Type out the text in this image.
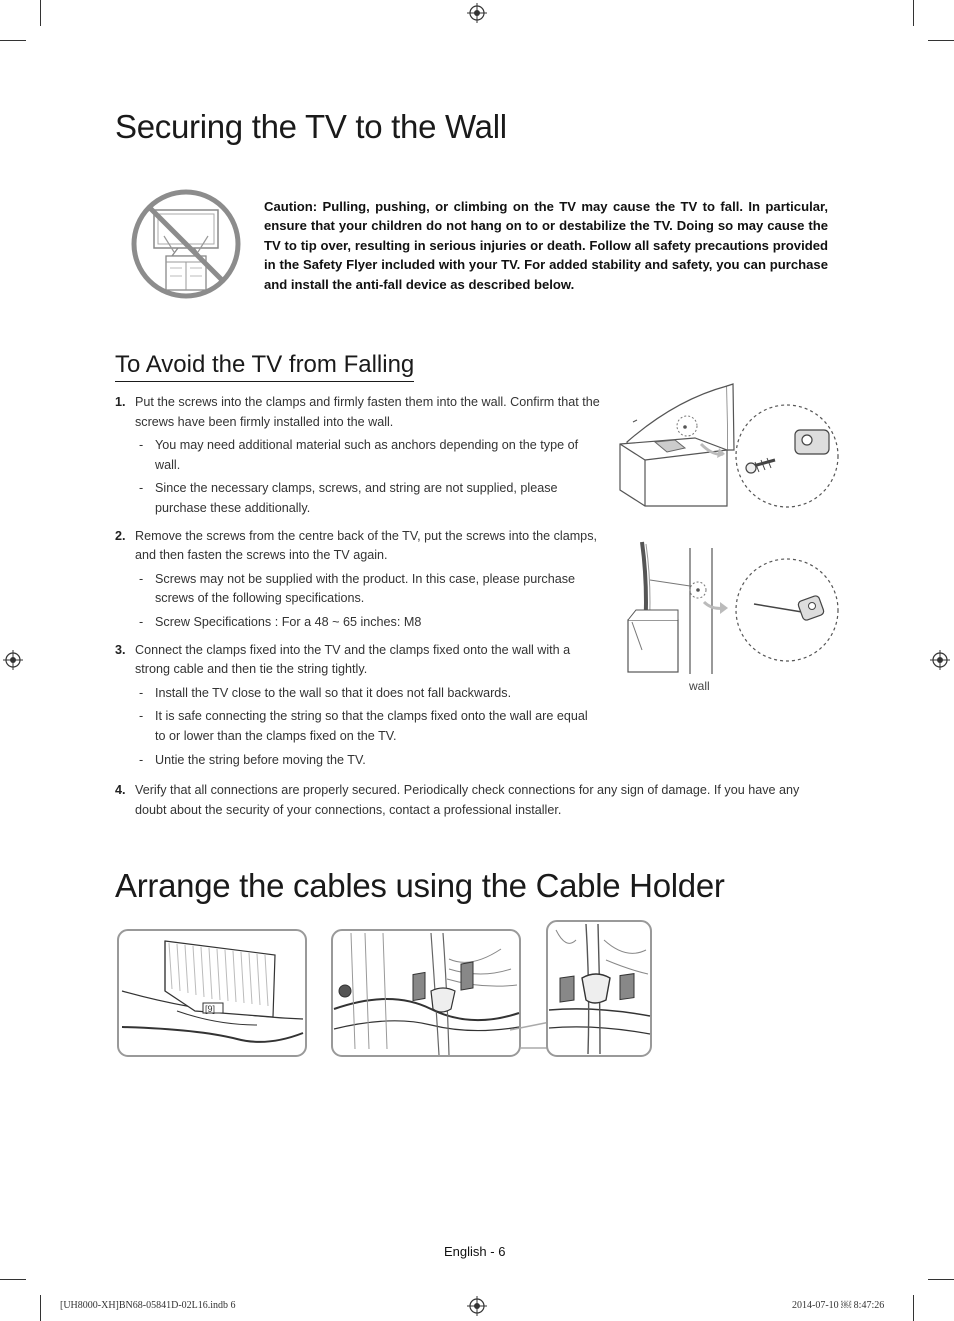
Securing the TV to the Wall

Caution: Pulling, pushing, or climbing on the TV may cause the TV to fall. In particular, ensure that your children do not hang on to or destabilize the TV. Doing so may cause the TV to tip over, resulting in serious injuries or death. Follow all safety precautions provided in the Safety Flyer included with your TV. For added stability and safety, you can purchase and install the anti-fall device as described below.

To Avoid the TV from Falling
1. Put the screws into the clamps and firmly fasten them into the wall. Confirm that the screws have been firmly installed into the wall.
- You may need additional material such as anchors depending on the type of wall.
- Since the necessary clamps, screws, and string are not supplied, please purchase these additionally.
2. Remove the screws from the centre back of the TV, put the screws into the clamps, and then fasten the screws into the TV again.
- Screws may not be supplied with the product. In this case, please purchase screws of the following specifications.
- Screw Specifications : For a 48 ~ 65 inches: M8
3. Connect the clamps fixed into the TV and the clamps fixed onto the wall with a strong cable and then tie the string tightly.
- Install the TV close to the wall so that it does not fall backwards.
- It is safe connecting the string so that the clamps fixed onto the wall are equal to or lower than the clamps fixed on the TV.
- Untie the string before moving the TV.
4. Verify that all connections are properly secured. Periodically check connections for any sign of damage. If you have any doubt about the security of your connections, contact a professional installer.
wall
Arrange the cables using the Cable Holder
[9]
English - 6
[UH8000-XH]BN68-05841D-02L16.indb 6	2014-07-10 ￼ 8:47:26
